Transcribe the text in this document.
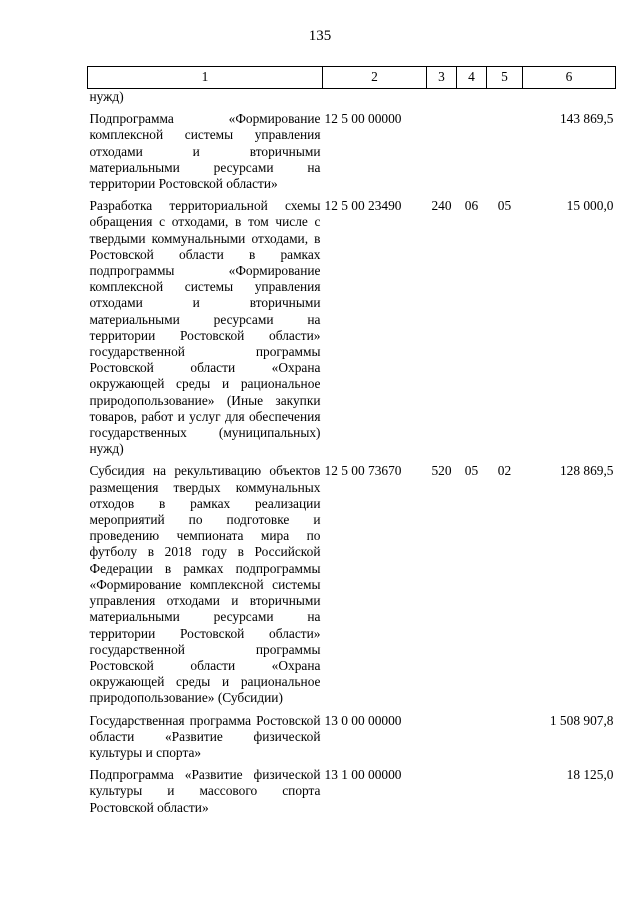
135
1	2	3	4	5	6
нужд)					

Подпрограмма «Формирование комплексной системы управления отходами и вторичными материальными ресурсами на территории Ростовской области»	12 5 00 00000				143 869,5

Разработка территориальной схемы обращения с отходами, в том числе с твердыми коммунальными отходами, в Ростовской области в рамках подпрограммы «Формирование комплексной системы управления отходами и вторичными материальными ресурсами на территории Ростовской области» государственной программы Ростовской области «Охрана окружающей среды и рациональное природопользование» (Иные закупки товаров, работ и услуг для обеспечения государственных (муниципальных) нужд)	12 5 00 23490	240	06	05	15 000,0

Субсидия на рекультивацию объектов размещения твердых коммунальных отходов в рамках реализации мероприятий по подготовке и проведению чемпионата мира по футболу в 2018 году в Российской Федерации в рамках подпрограммы «Формирование комплексной системы управления отходами и вторичными материальными ресурсами на территории Ростовской области» государственной программы Ростовской области «Охрана окружающей среды и рациональное природопользование» (Субсидии)	12 5 00 73670	520	05	02	128 869,5

Государственная программа Ростовской области «Развитие физической культуры и спорта»	13 0 00 00000				1 508 907,8

Подпрограмма «Развитие физической культуры и массового спорта Ростовской области»	13 1 00 00000				18 125,0
